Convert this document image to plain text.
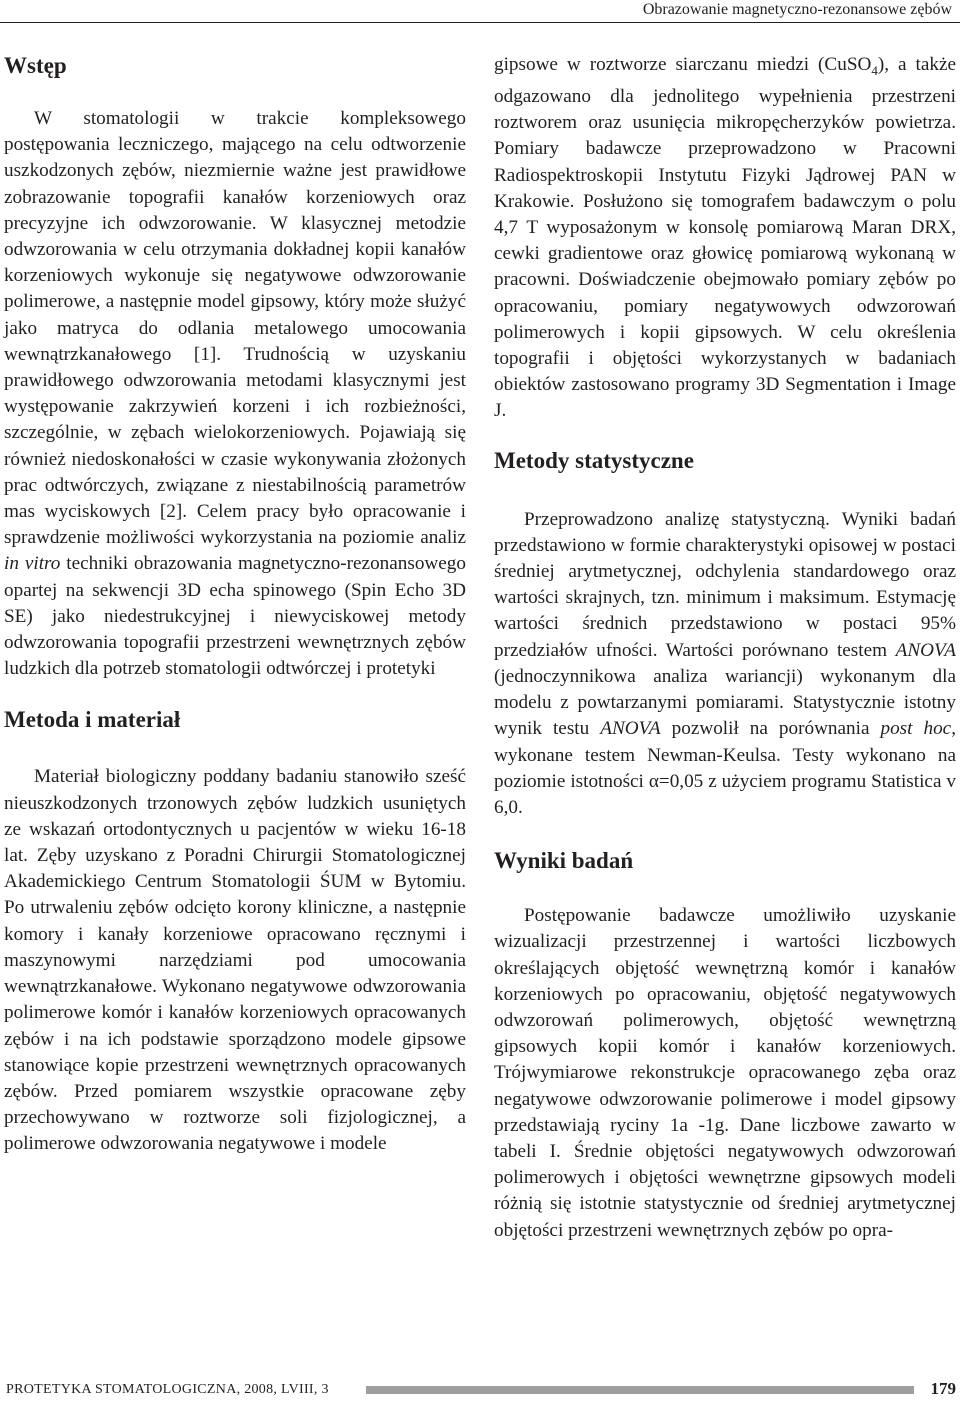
Obrazowanie magnetyczno-rezonansowe zębów
Wstęp

W stomatologii w trakcie kompleksowego postępowania leczniczego, mającego na celu odtworzenie uszkodzonych zębów, niezmiernie ważne jest prawidłowe zobrazowanie topografii kanałów korzeniowych oraz precyzyjne ich odwzorowanie. W klasycznej metodzie odwzorowania w celu otrzymania dokładnej kopii kanałów korzeniowych wykonuje się negatywowe odwzorowanie polimerowe, a następnie model gipsowy, który może służyć jako matryca do odlania metalowego umocowania wewnątrzkanałowego [1]. Trudnością w uzyskaniu prawidłowego odwzorowania metodami klasycznymi jest występowanie zakrzywień korzeni i ich rozbieżności, szczególnie, w zębach wielokorzeniowych. Pojawiają się również niedoskonałości w czasie wykonywania złożonych prac odtwórczych, związane z niestabilnością parametrów mas wyciskowych [2]. Celem pracy było opracowanie i sprawdzenie możliwości wykorzystania na poziomie analiz in vitro techniki obrazowania magnetyczno-rezonansowego opartej na sekwencji 3D echa spinowego (Spin Echo 3D SE) jako niedestrukcyjnej i niewyciskowej metody odwzorowania topografii przestrzeni wewnętrznych zębów ludzkich dla potrzeb stomatologii odtwórczej i protetyki

Metoda i materiał

Materiał biologiczny poddany badaniu stanowiło sześć nieuszkodzonych trzonowych zębów ludzkich usuniętych ze wskazań ortodontycznych u pacjentów w wieku 16-18 lat. Zęby uzyskano z Poradni Chirurgii Stomatologicznej Akademickiego Centrum Stomatologii ŚUM w Bytomiu. Po utrwaleniu zębów odcięto korony kliniczne, a następnie komory i kanały korzeniowe opracowano ręcznymi i maszynowymi narzędziami pod umocowania wewnątrzkanałowe. Wykonano negatywowe odwzorowania polimerowe komór i kanałów korzeniowych opracowanych zębów i na ich podstawie sporządzono modele gipsowe stanowiące kopie przestrzeni wewnętrznych opracowanych zębów. Przed pomiarem wszystkie opracowane zęby przechowywano w roztworze soli fizjologicznej, a polimerowe odwzorowania negatywowe i modele

gipsowe w roztworze siarczanu miedzi (CuSO$_4$), a także odgazowano dla jednolitego wypełnienia przestrzeni roztworem oraz usunięcia mikropęcherzyków powietrza. Pomiary badawcze przeprowadzono w Pracowni Radiospektroskopii Instytutu Fizyki Jądrowej PAN w Krakowie. Posłużono się tomografem badawczym o polu 4,7 T wyposażonym w konsolę pomiarową Maran DRX, cewki gradientowe oraz głowicę pomiarową wykonaną w pracowni. Doświadczenie obejmowało pomiary zębów po opracowaniu, pomiary negatywowych odwzorowań polimerowych i kopii gipsowych. W celu określenia topografii i objętości wykorzystanych w badaniach obiektów zastosowano programy 3D Segmentation i Image J.

Metody statystyczne

Przeprowadzono analizę statystyczną. Wyniki badań przedstawiono w formie charakterystyki opisowej w postaci średniej arytmetycznej, odchylenia standardowego oraz wartości skrajnych, tzn. minimum i maksimum. Estymację wartości średnich przedstawiono w postaci 95% przedziałów ufności. Wartości porównano testem ANOVA (jednoczynnikowa analiza wariancji) wykonanym dla modelu z powtarzanymi pomiarami. Statystycznie istotny wynik testu ANOVA pozwolił na porównania post hoc, wykonane testem Newman-Keulsa. Testy wykonano na poziomie istotności α=0,05 z użyciem programu Statistica v 6,0.

Wyniki badań

Postępowanie badawcze umożliwiło uzyskanie wizualizacji przestrzennej i wartości liczbowych określających objętość wewnętrzną komór i kanałów korzeniowych po opracowaniu, objętość negatywowych odwzorowań polimerowych, objętość wewnętrzną gipsowych kopii komór i kanałów korzeniowych. Trójwymiarowe rekonstrukcje opracowanego zęba oraz negatywowe odwzorowanie polimerowe i model gipsowy przedstawiają ryciny 1a -1g. Dane liczbowe zawarto w tabeli I. Średnie objętości negatywowych odwzorowań polimerowych i objętości wewnętrzne gipsowych modeli różnią się istotnie statystycznie od średniej arytmetycznej objętości przestrzeni wewnętrznych zębów po opra-

PROTETYKA STOMATOLOGICZNA, 2008, LVIII, 3	179
